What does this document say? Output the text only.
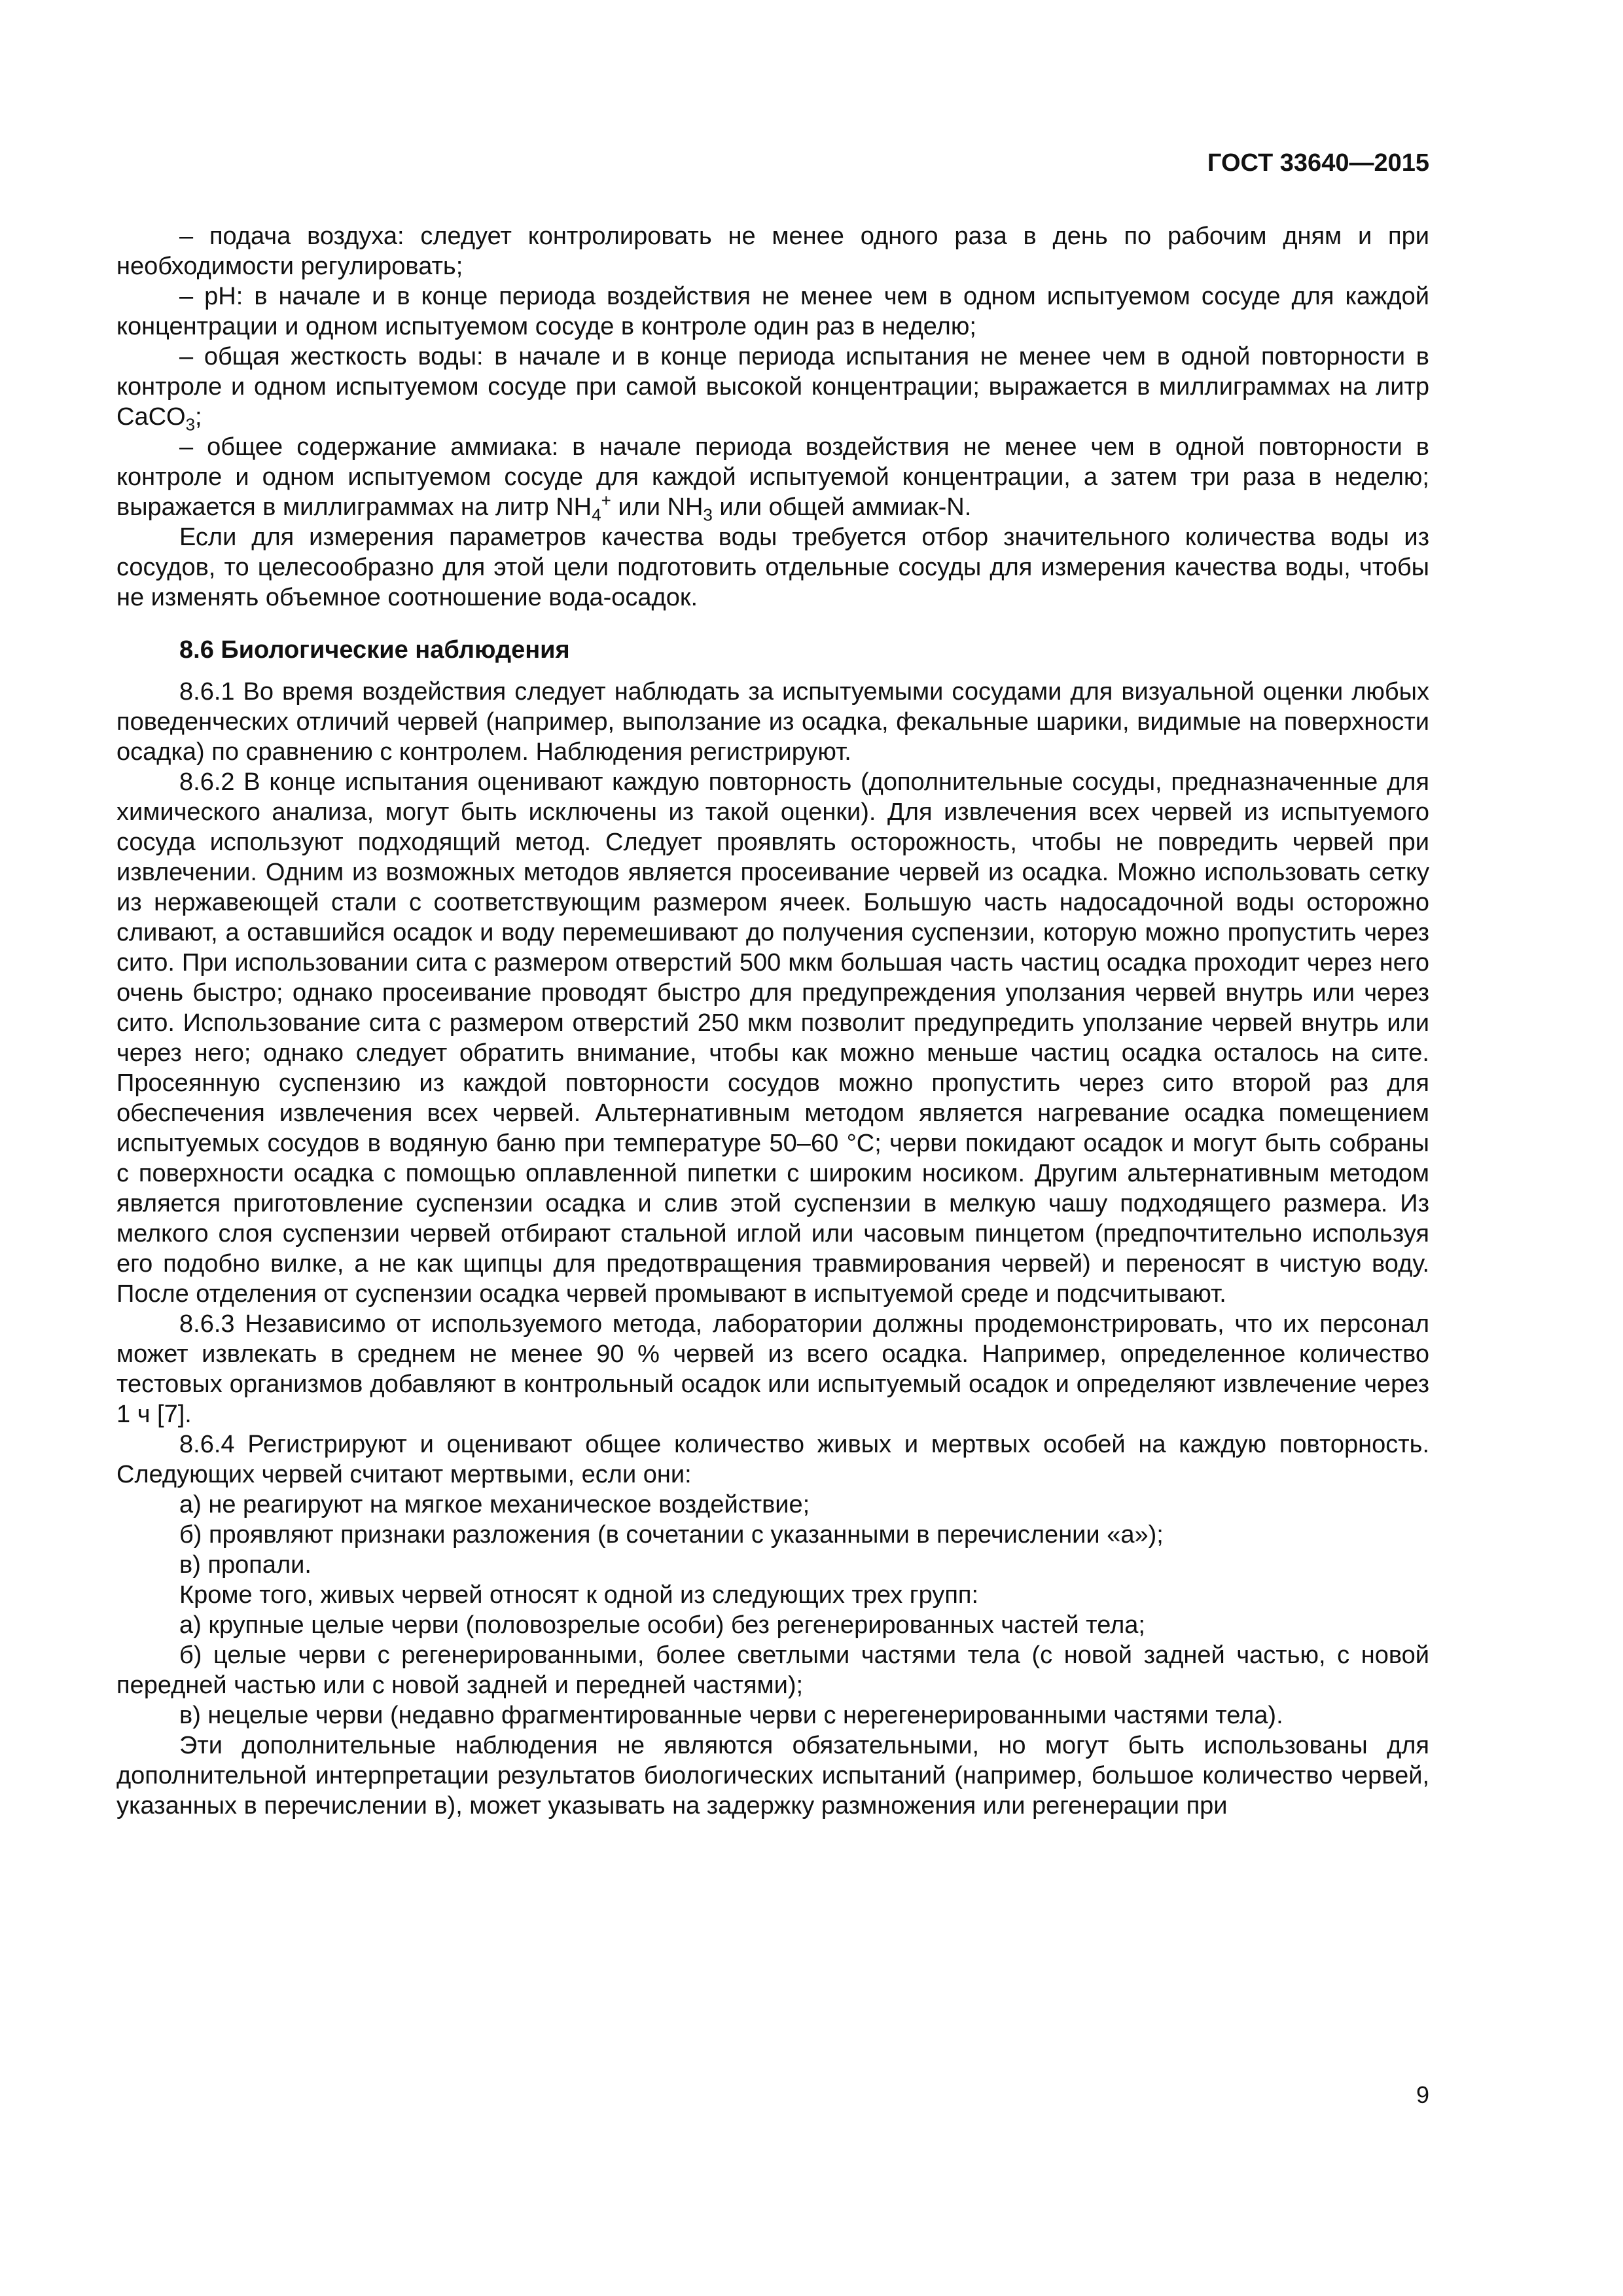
ГОСТ 33640—2015

– подача воздуха: следует контролировать не менее одного раза в день по рабочим дням и при необходимости регулировать;

– pH: в начале и в конце периода воздействия не менее чем в одном испытуемом сосуде для каждой концентрации и одном испытуемом сосуде в контроле один раз в неделю;

– общая жесткость воды: в начале и в конце периода испытания не менее чем в одной повторности в контроле и одном испытуемом сосуде при самой высокой концентрации; выражается в миллиграммах на литр CaCO$_3$;

– общее содержание аммиака: в начале периода воздействия не менее чем в одной повторности в контроле и одном испытуемом сосуде для каждой испытуемой концентрации, а затем три раза в неделю; выражается в миллиграммах на литр $NH_4^+$ или $NH_3$ или общей аммиак-N.

Если для измерения параметров качества воды требуется отбор значительного количества воды из сосудов, то целесообразно для этой цели подготовить отдельные сосуды для измерения качества воды, чтобы не изменять объемное соотношение вода-осадок.

8.6 Биологические наблюдения

8.6.1 Во время воздействия следует наблюдать за испытуемыми сосудами для визуальной оценки любых поведенческих отличий червей (например, выползание из осадка, фекальные шарики, видимые на поверхности осадка) по сравнению с контролем. Наблюдения регистрируют.

8.6.2 В конце испытания оценивают каждую повторность (дополнительные сосуды, предназначенные для химического анализа, могут быть исключены из такой оценки). Для извлечения всех червей из испытуемого сосуда используют подходящий метод. Следует проявлять осторожность, чтобы не повредить червей при извлечении. Одним из возможных методов является просеивание червей из осадка. Можно использовать сетку из нержавеющей стали с соответствующим размером ячеек. Большую часть надосадочной воды осторожно сливают, а оставшийся осадок и воду перемешивают до получения суспензии, которую можно пропустить через сито. При использовании сита с размером отверстий 500 мкм большая часть частиц осадка проходит через него очень быстро; однако просеивание проводят быстро для предупреждения уползания червей внутрь или через сито. Использование сита с размером отверстий 250 мкм позволит предупредить уползание червей внутрь или через него; однако следует обратить внимание, чтобы как можно меньше частиц осадка осталось на сите. Просеянную суспензию из каждой повторности сосудов можно пропустить через сито второй раз для обеспечения извлечения всех червей. Альтернативным методом является нагревание осадка помещением испытуемых сосудов в водяную баню при температуре 50–60 °С; черви покидают осадок и могут быть собраны с поверхности осадка с помощью оплавленной пипетки с широким носиком. Другим альтернативным методом является приготовление суспензии осадка и слив этой суспензии в мелкую чашу подходящего размера. Из мелкого слоя суспензии червей отбирают стальной иглой или часовым пинцетом (предпочтительно используя его подобно вилке, а не как щипцы для предотвращения травмирования червей) и переносят в чистую воду. После отделения от суспензии осадка червей промывают в испытуемой среде и подсчитывают.

8.6.3 Независимо от используемого метода, лаборатории должны продемонстрировать, что их персонал может извлекать в среднем не менее 90 % червей из всего осадка. Например, определенное количество тестовых организмов добавляют в контрольный осадок или испытуемый осадок и определяют извлечение через 1 ч [7].

8.6.4 Регистрируют и оценивают общее количество живых и мертвых особей на каждую повторность. Следующих червей считают мертвыми, если они:

а) не реагируют на мягкое механическое воздействие;

б) проявляют признаки разложения (в сочетании с указанными в перечислении «а»);

в) пропали.

Кроме того, живых червей относят к одной из следующих трех групп:

а) крупные целые черви (половозрелые особи) без регенерированных частей тела;

б) целые черви с регенерированными, более светлыми частями тела (с новой задней частью, с новой передней частью или с новой задней и передней частями);

в) нецелые черви (недавно фрагментированные черви с нерегенерированными частями тела).

Эти дополнительные наблюдения не являются обязательными, но могут быть использованы для дополнительной интерпретации результатов биологических испытаний (например, большое количество червей, указанных в перечислении в), может указывать на задержку размножения или регенерации при

9
